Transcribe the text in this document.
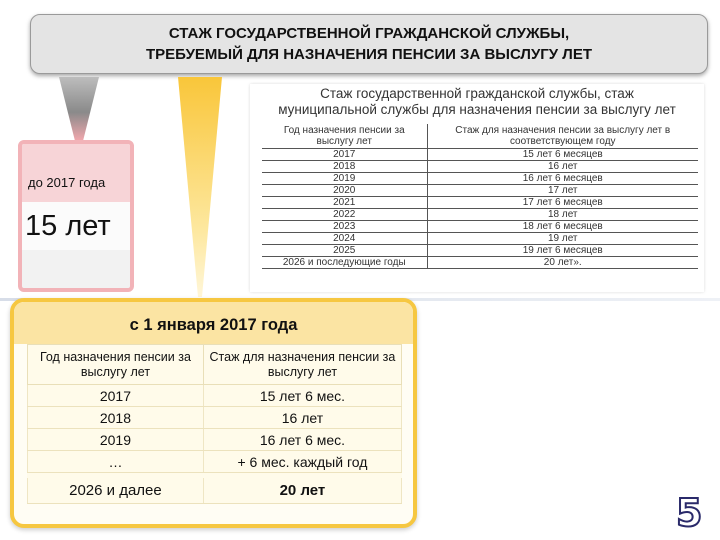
СТАЖ ГОСУДАРСТВЕННОЙ ГРАЖДАНСКОЙ СЛУЖБЫ,
ТРЕБУЕМЫЙ ДЛЯ НАЗНАЧЕНИЯ ПЕНСИИ ЗА ВЫСЛУГУ ЛЕТ
до 2017 года
15 лет
Стаж государственной гражданской службы, стаж
муниципальной службы для назначения пенсии за выслугу лет
Год назначения пенсии за выслугу лет	Стаж для назначения пенсии за выслугу лет в соответствующем году
2017	15 лет 6 месяцев
2018	16 лет
2019	16 лет 6 месяцев
2020	17 лет
2021	17 лет 6 месяцев
2022	18 лет
2023	18 лет 6 месяцев
2024	19 лет
2025	19 лет 6 месяцев
2026 и последующие годы	20 лет».
с 1 января 2017 года
Год назначения пенсии за выслугу лет	Стаж для назначения пенсии за выслугу лет
2017	15 лет 6 мес.
2018	16 лет
2019	16 лет 6 мес.
…	+ 6 мес. каждый год

2026 и далее	20 лет
5
